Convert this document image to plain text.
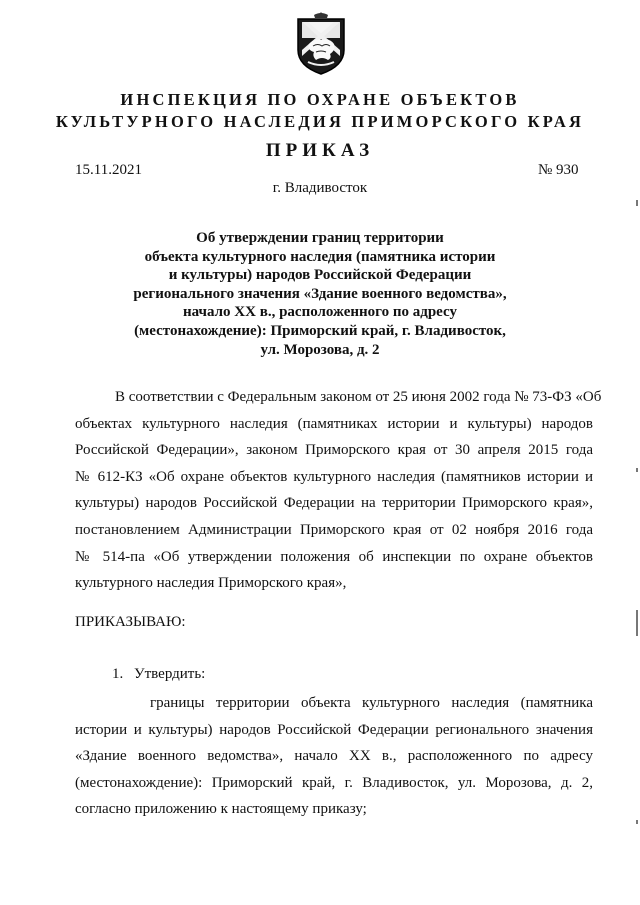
ИНСПЕКЦИЯ ПО ОХРАНЕ ОБЪЕКТОВ
КУЛЬТУРНОГО НАСЛЕДИЯ ПРИМОРСКОГО КРАЯ
ПРИКАЗ
15.11.2021	№ 930
г. Владивосток
Об утверждении границ территории
объекта культурного наследия (памятника истории
и культуры) народов Российской Федерации
регионального значения «Здание военного ведомства»,
начало XX в., расположенного по адресу
(местонахождение): Приморский край, г. Владивосток,
ул. Морозова, д. 2
В соответствии с Федеральным законом от 25 июня 2002 года № 73-ФЗ «Об
объектах культурного наследия (памятниках истории и культуры) народов
Российской Федерации», законом Приморского края от 30 апреля 2015 года
№ 612-КЗ «Об охране объектов культурного наследия (памятников истории и
культуры) народов Российской Федерации на территории Приморского края»,
постановлением Администрации Приморского края от 02 ноября 2016 года
№ 514-па «Об утверждении положения об инспекции по охране объектов
культурного наследия Приморского края»,
ПРИКАЗЫВАЮ:
1. Утвердить:
границы территории объекта культурного наследия (памятника
истории и культуры) народов Российской Федерации регионального значения
«Здание военного ведомства», начало XX в., расположенного по адресу
(местонахождение): Приморский край, г. Владивосток, ул. Морозова, д. 2,
согласно приложению к настоящему приказу;
